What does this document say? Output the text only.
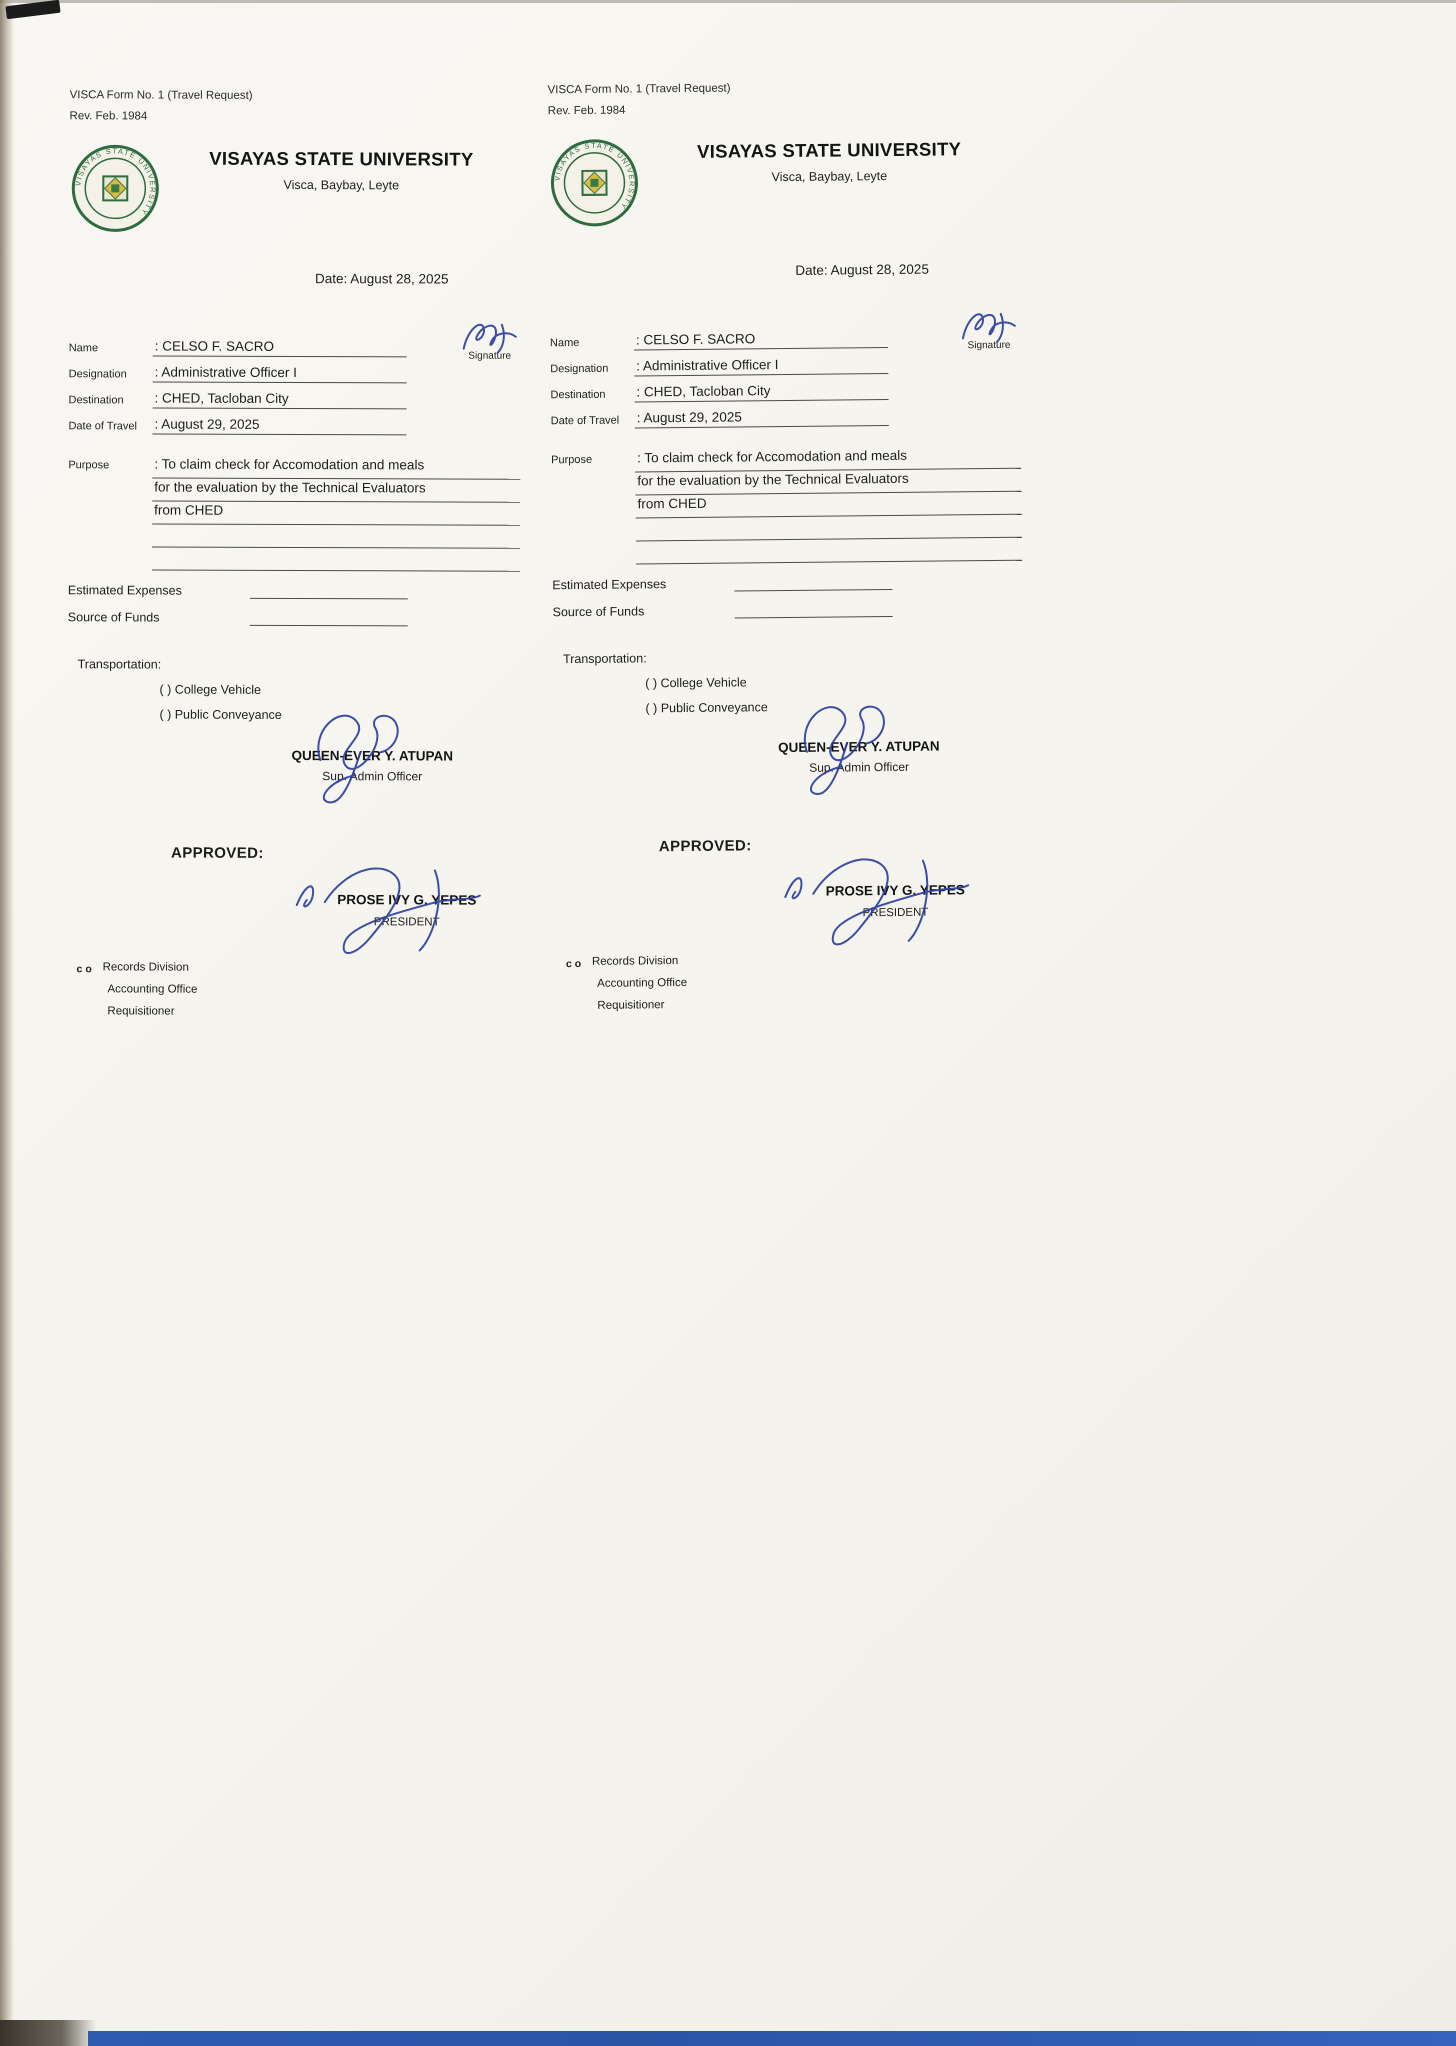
VISCA Form No. 1 (Travel Request)
Rev. Feb. 1984
VISAYAS STATE UNIVERSITY
VISAYAS STATE UNIVERSITY
Visca, Baybay, Leyte
Date: August 28, 2025
Signature
Name	: CELSO F. SACRO
Designation	: Administrative Officer I
Destination	: CHED, Tacloban City
Date of Travel	: August 29, 2025
Purpose	: To claim check for Accomodation and meals
for the evaluation by the Technical Evaluators
from CHED
Estimated Expenses
Source of Funds
Transportation:
( ) College Vehicle
( ) Public Conveyance
QUEEN-EVER Y. ATUPAN
Sup. Admin Officer
APPROVED:
PROSE IVY G. YEPES
PRESIDENT
c o Records Division
Accounting Office
Requisitioner
VISCA Form No. 1 (Travel Request)
Rev. Feb. 1984
VISAYAS STATE UNIVERSITY
VISAYAS STATE UNIVERSITY
Visca, Baybay, Leyte
Date: August 28, 2025
Signature
Name	: CELSO F. SACRO
Designation	: Administrative Officer I
Destination	: CHED, Tacloban City
Date of Travel	: August 29, 2025
Purpose	: To claim check for Accomodation and meals
for the evaluation by the Technical Evaluators
from CHED
Estimated Expenses
Source of Funds
Transportation:
( ) College Vehicle
( ) Public Conveyance
QUEEN-EVER Y. ATUPAN
Sup. Admin Officer
APPROVED:
PROSE IVY G. YEPES
PRESIDENT
c o Records Division
Accounting Office
Requisitioner
